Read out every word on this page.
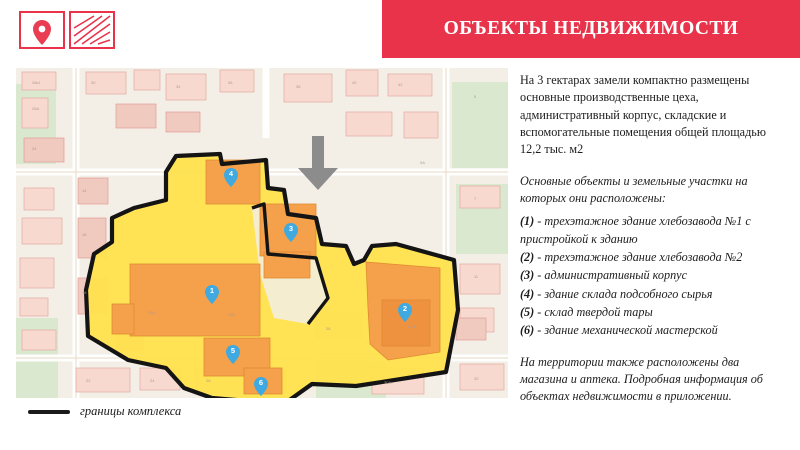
ОБЪЕКТЫ НЕДВИЖИМОСТИ
28к1
26А
24
30
34
36
38
40	42
9А
5
7
11
14
16
18
18А	18Б
20В
22	24	26
28
30А
32
1
2
3
4
5
6
границы комплекса

На 3 гектарах замели компактно размещены основные производственные цеха, административный корпус, складские и вспомогательные помещения общей площадью 12,2 тыс. м2

Основные объекты и земельные участки на которых они расположены:

(1) - трехэтажное здание хлебозавода №1 с пристройкой к зданию
(2) - трехэтажное здание хлебозавода №2
(3) - административный корпус
(4) - здание склада подсобного сырья
(5) - склад твердой тары
(6) - здание механической мастерской

На территории также расположены два магазина и аптека. Подробная информация об объектах недвижимости в приложении.
